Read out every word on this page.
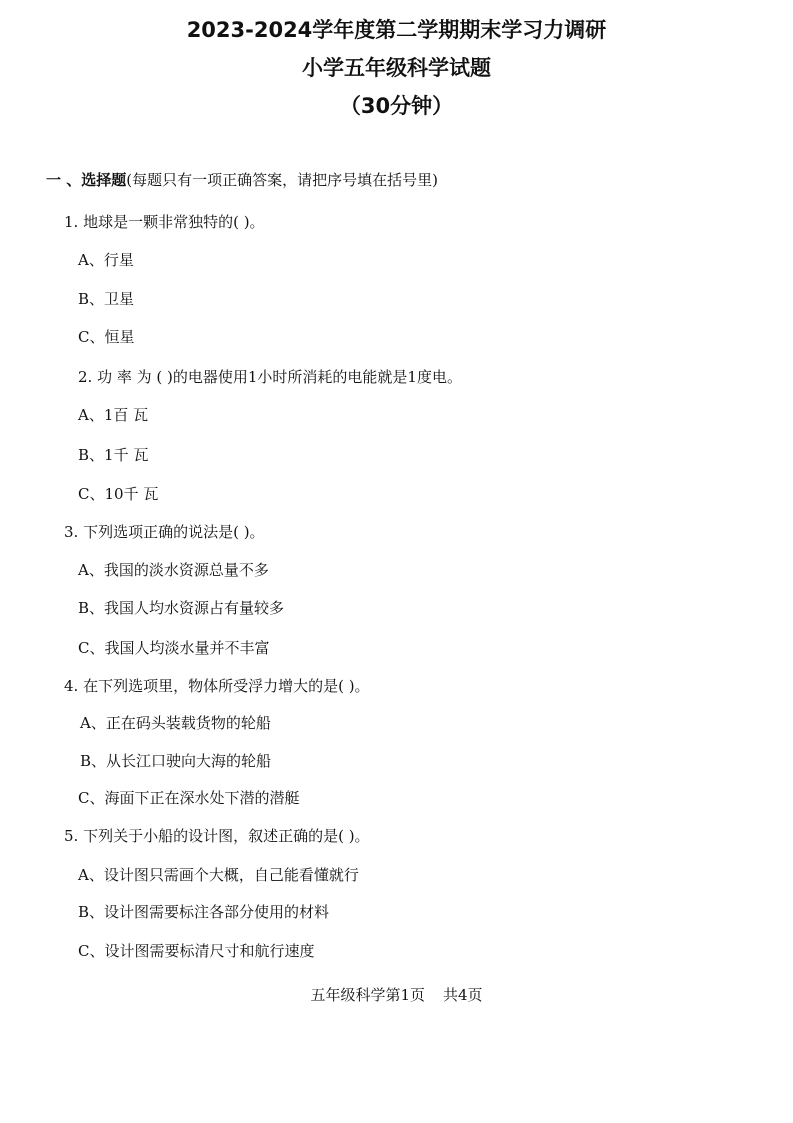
2023-2024学年度第二学期期末学习力调研
小学五年级科学试题
（30分钟）
一 、选择题(每题只有一项正确答案，请把序号填在括号里)
1. 地球是一颗非常独特的( )。
A、行星
B、卫星
C、恒星
2. 功 率 为 ( )的电器使用1小时所消耗的电能就是1度电。
A、1百 瓦
B、1千 瓦
C、10千 瓦
3. 下列选项正确的说法是( )。
A、我国的淡水资源总量不多
B、我国人均水资源占有量较多
C、我国人均淡水量并不丰富
4. 在下列选项里，物体所受浮力增大的是( )。
A、正在码头装载货物的轮船
B、从长江口驶向大海的轮船
C、海面下正在深水处下潜的潜艇
5. 下列关于小船的设计图，叙述正确的是( )。
A、设计图只需画个大概，自己能看懂就行
B、设计图需要标注各部分使用的材料
C、设计图需要标清尺寸和航行速度
五年级科学第1页 共4页
